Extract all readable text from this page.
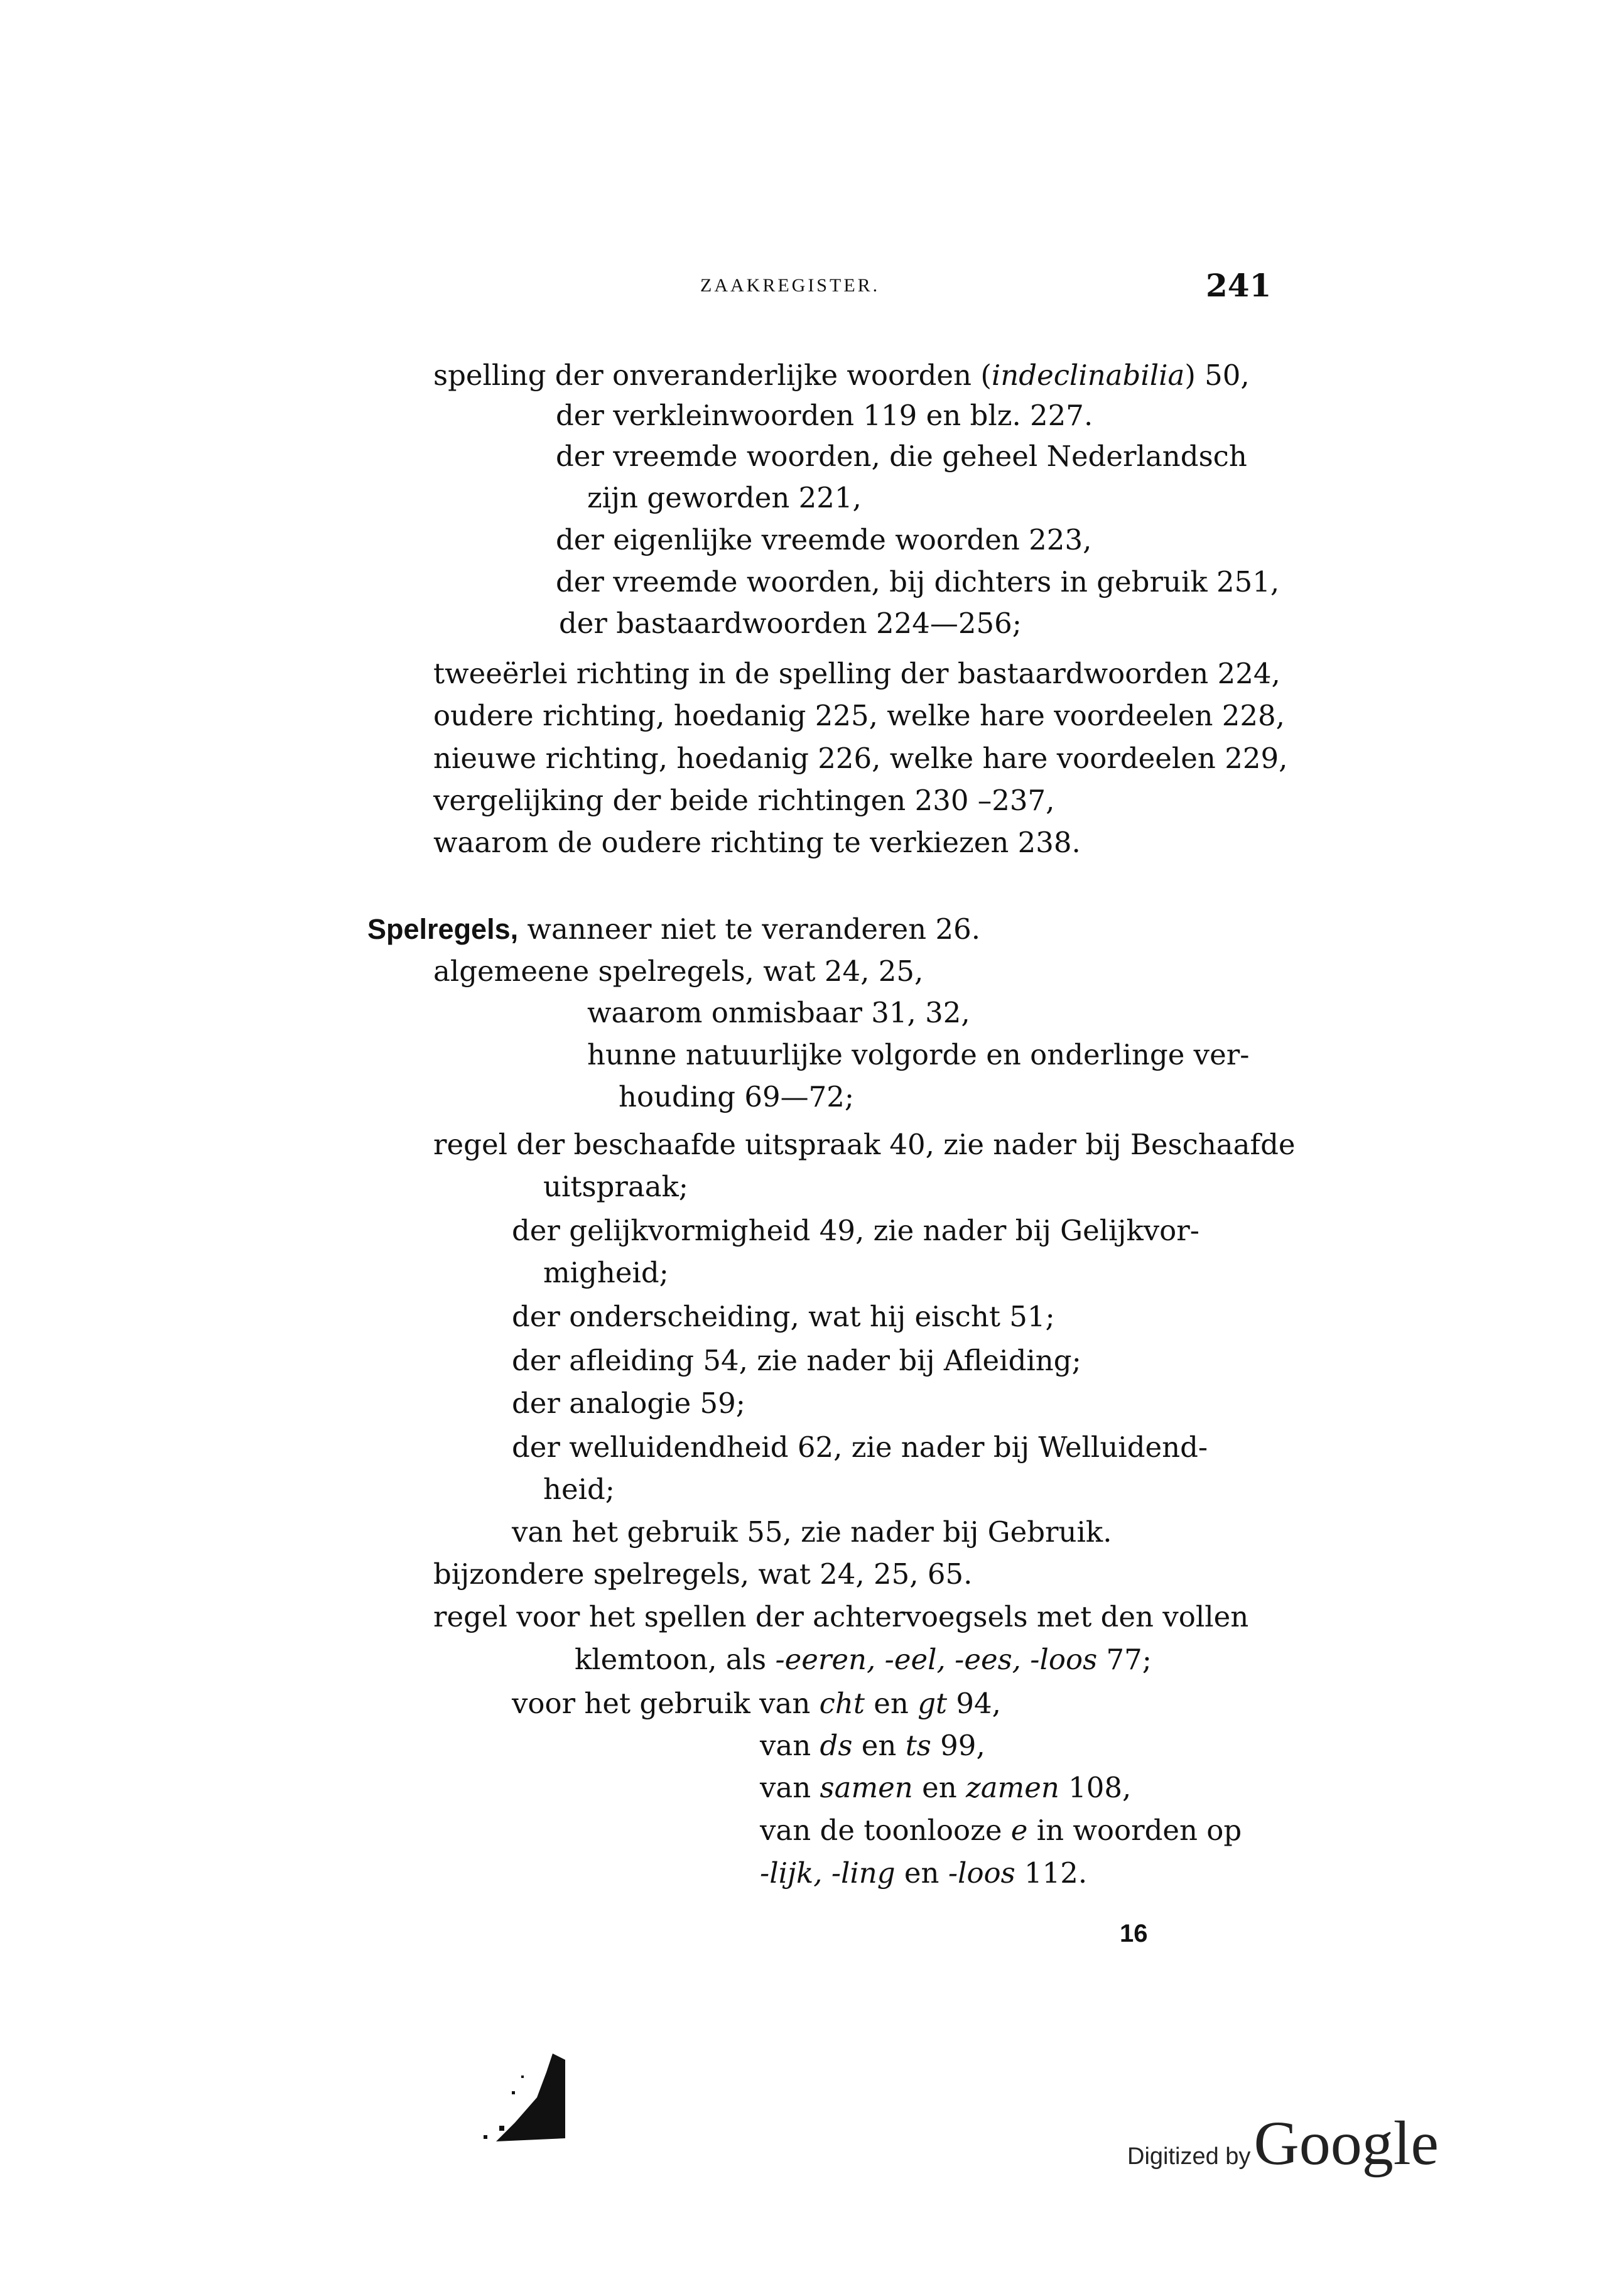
ZAAKREGISTER.	241
spelling der onveranderlijke woorden (indeclinabilia) 50,
der verkleinwoorden 119 en blz. 227.
der vreemde woorden, die geheel Nederlandsch
zijn geworden 221,
der eigenlijke vreemde woorden 223,
der vreemde woorden, bij dichters in gebruik 251,
der bastaardwoorden 224—256;
tweeërlei richting in de spelling der bastaardwoorden 224,
oudere richting, hoedanig 225, welke hare voordeelen 228,
nieuwe richting, hoedanig 226, welke hare voordeelen 229,
vergelijking der beide richtingen 230 –237,
waarom de oudere richting te verkiezen 238.
Spelregels, wanneer niet te veranderen 26.
algemeene spelregels, wat 24, 25,
waarom onmisbaar 31, 32,
hunne natuurlijke volgorde en onderlinge ver-
houding 69—72;
regel der beschaafde uitspraak 40, zie nader bij Beschaafde
uitspraak;
der gelijkvormigheid 49, zie nader bij Gelijkvor-
migheid;
der onderscheiding, wat hij eischt 51;
der afleiding 54, zie nader bij Afleiding;
der analogie 59;
der welluidendheid 62, zie nader bij Welluidend-
heid;
van het gebruik 55, zie nader bij Gebruik.
bijzondere spelregels, wat 24, 25, 65.
regel voor het spellen der achtervoegsels met den vollen
klemtoon, als -eeren, -eel, -ees, -loos 77;
voor het gebruik van cht en gt 94,
van ds en ts 99,
van samen en zamen 108,
van de toonlooze e in woorden op
-lijk, -ling en -loos 112.
16
Digitized by Google
